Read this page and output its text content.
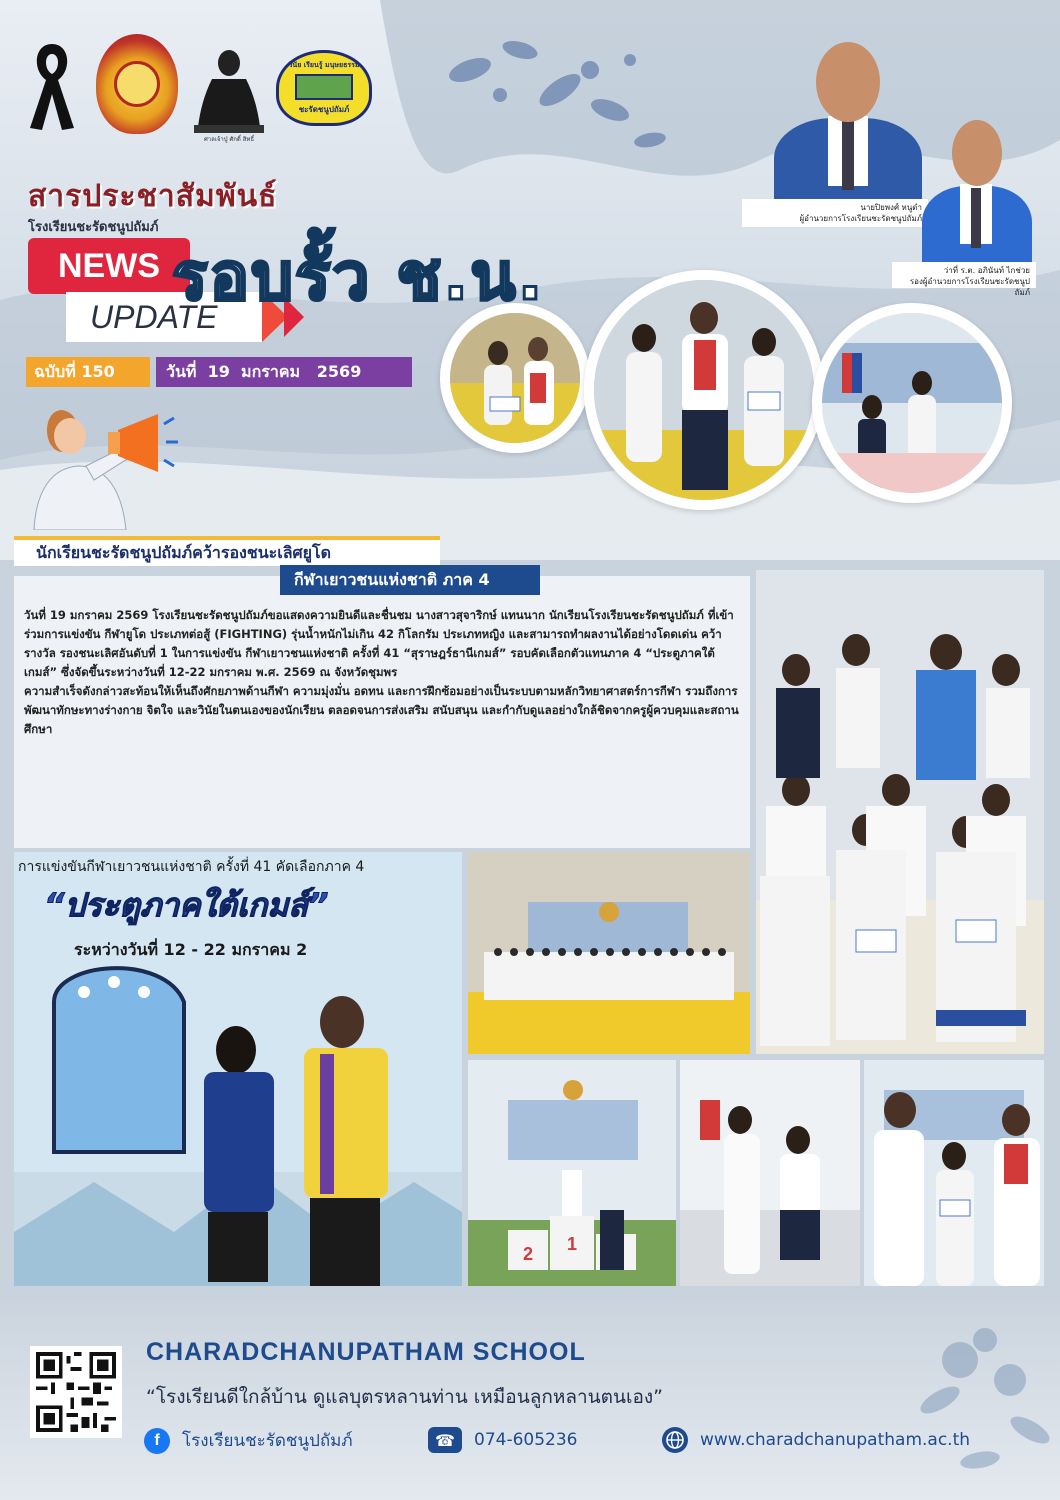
ศาลเจ้าปู่ ศักดิ์ สิทธิ์
วินัย เรียนรู้ มนุษยธรรม
ชะรัดชนูปถัมภ์
สารประชาสัมพันธ์
โรงเรียนชะรัดชนูปถัมภ์
NEWS
UPDATE
รอบรั้ว ช.น.
ฉบับที่ 150	วันที่  19  มกราคม   2569
นายปิยพงศ์ หนูดำ
ผู้อำนวยการโรงเรียนชะรัดชนูปถัมภ์
ว่าที่ ร.ต. อภินันท์ ไกช่วย
รองผู้อำนวยการโรงเรียนชะรัดชนูปถัมภ์
นักเรียนชะรัดชนูปถัมภ์คว้ารองชนะเลิศยูโด

วันที่ 19 มกราคม 2569 โรงเรียนชะรัดชนูปถัมภ์ขอแสดงความยินดีและชื่นชม นางสาวสุจาริกษ์ แทนนาก นักเรียนโรงเรียนชะรัดชนูปถัมภ์ ที่เข้าร่วมการแข่งขัน กีฬายูโด ประเภทต่อสู้ (FIGHTING) รุ่นน้ำหนักไม่เกิน 42 กิโลกรัม ประเภทหญิง และสามารถทำผลงานได้อย่างโดดเด่น คว้ารางวัล รองชนะเลิศอันดับที่ 1 ในการแข่งขัน กีฬาเยาวชนแห่งชาติ ครั้งที่ 41 “สุราษฎร์ธานีเกมส์” รอบคัดเลือกตัวแทนภาค 4 “ประตูภาคใต้เกมส์” ซึ่งจัดขึ้นระหว่างวันที่ 12-22 มกราคม พ.ศ. 2569 ณ จังหวัดชุมพร

ความสำเร็จดังกล่าวสะท้อนให้เห็นถึงศักยภาพด้านกีฬา ความมุ่งมั่น อดทน และการฝึกซ้อมอย่างเป็นระบบตามหลักวิทยาศาสตร์การกีฬา รวมถึงการพัฒนาทักษะทางร่างกาย จิตใจ และวินัยในตนเองของนักเรียน ตลอดจนการส่งเสริม สนับสนุน และกำกับดูแลอย่างใกล้ชิดจากครูผู้ควบคุมและสถานศึกษา

กีฬาเยาวชนแห่งชาติ ภาค 4
การแข่งขันกีฬาเยาวชนแห่งชาติ ครั้งที่ 41 คัดเลือกภาค 4
“ประตูภาคใต้เกมส์”
ระหว่างวันที่ 12 - 22 มกราคม 2
2 1
CHARADCHANUPATHAM SCHOOL
“โรงเรียนดีใกล้บ้าน ดูแลบุตรหลานท่าน เหมือนลูกหลานตนเอง”
f	โรงเรียนชะรัดชนูปถัมภ์	☎	074-605236	www.charadchanupatham.ac.th
